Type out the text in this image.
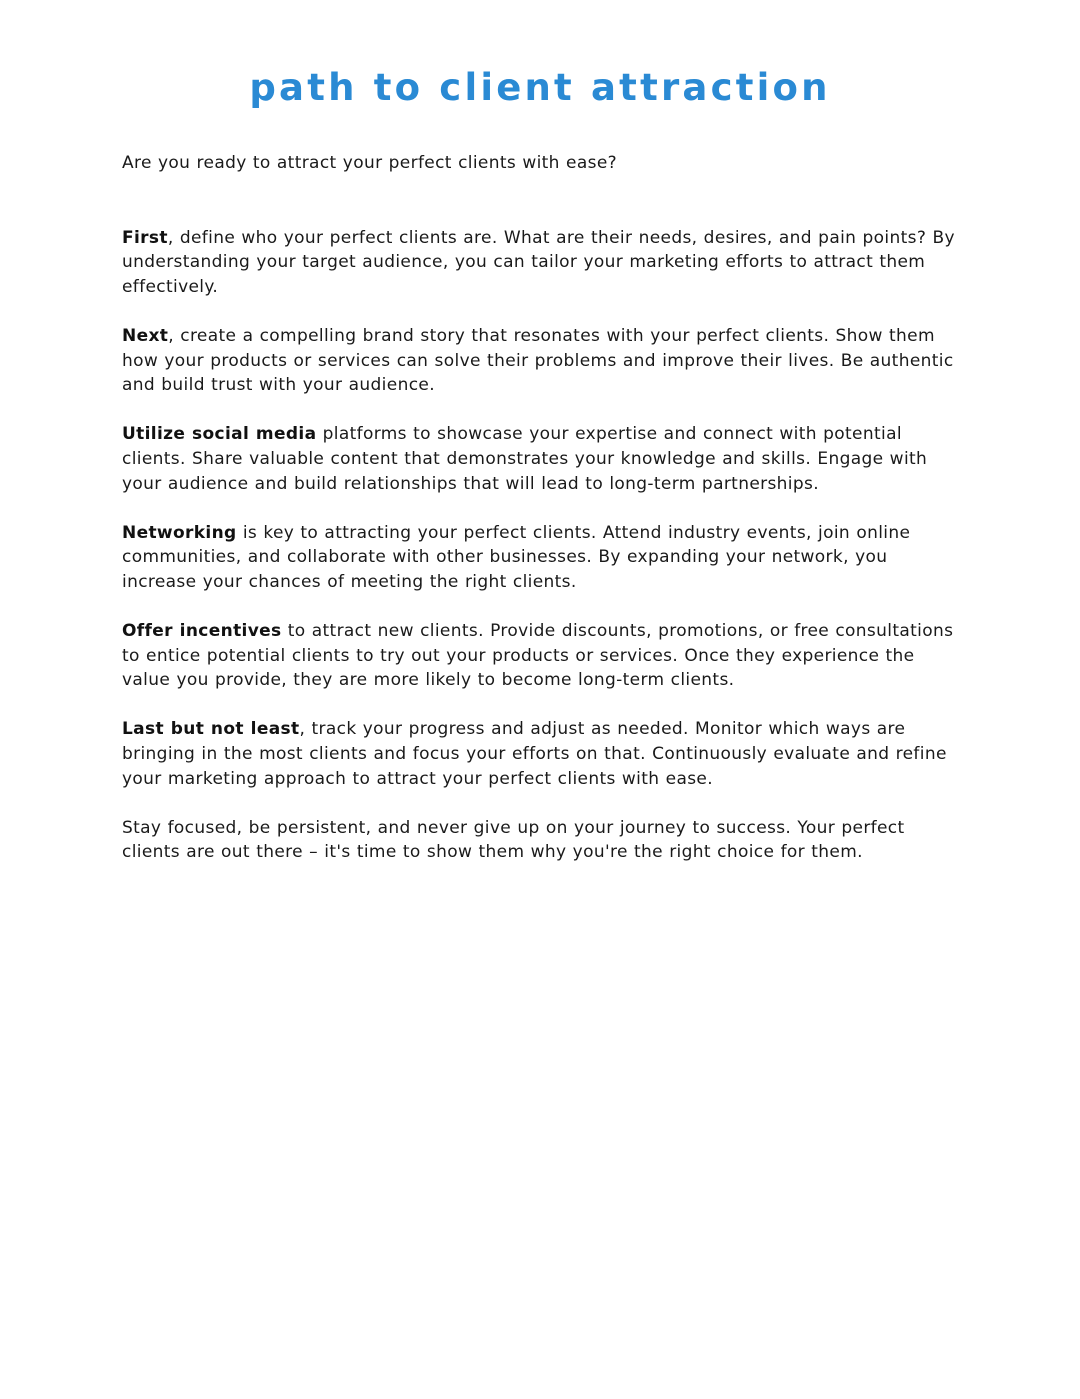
path to client attraction

Are you ready to attract your perfect clients with ease?

First, define who your perfect clients are. What are their needs, desires, and pain points? By understanding your target audience, you can tailor your marketing efforts to attract them effectively.

Next, create a compelling brand story that resonates with your perfect clients. Show them how your products or services can solve their problems and improve their lives. Be authentic and build trust with your audience.

Utilize social media platforms to showcase your expertise and connect with potential clients. Share valuable content that demonstrates your knowledge and skills. Engage with your audience and build relationships that will lead to long-term partnerships.

Networking is key to attracting your perfect clients. Attend industry events, join online communities, and collaborate with other businesses. By expanding your network, you increase your chances of meeting the right clients.

Offer incentives to attract new clients. Provide discounts, promotions, or free consultations to entice potential clients to try out your products or services. Once they experience the value you provide, they are more likely to become long-term clients.

Last but not least, track your progress and adjust as needed. Monitor which ways are bringing in the most clients and focus your efforts on that. Continuously evaluate and refine your marketing approach to attract your perfect clients with ease.

Stay focused, be persistent, and never give up on your journey to success. Your perfect clients are out there – it's time to show them why you're the right choice for them.
